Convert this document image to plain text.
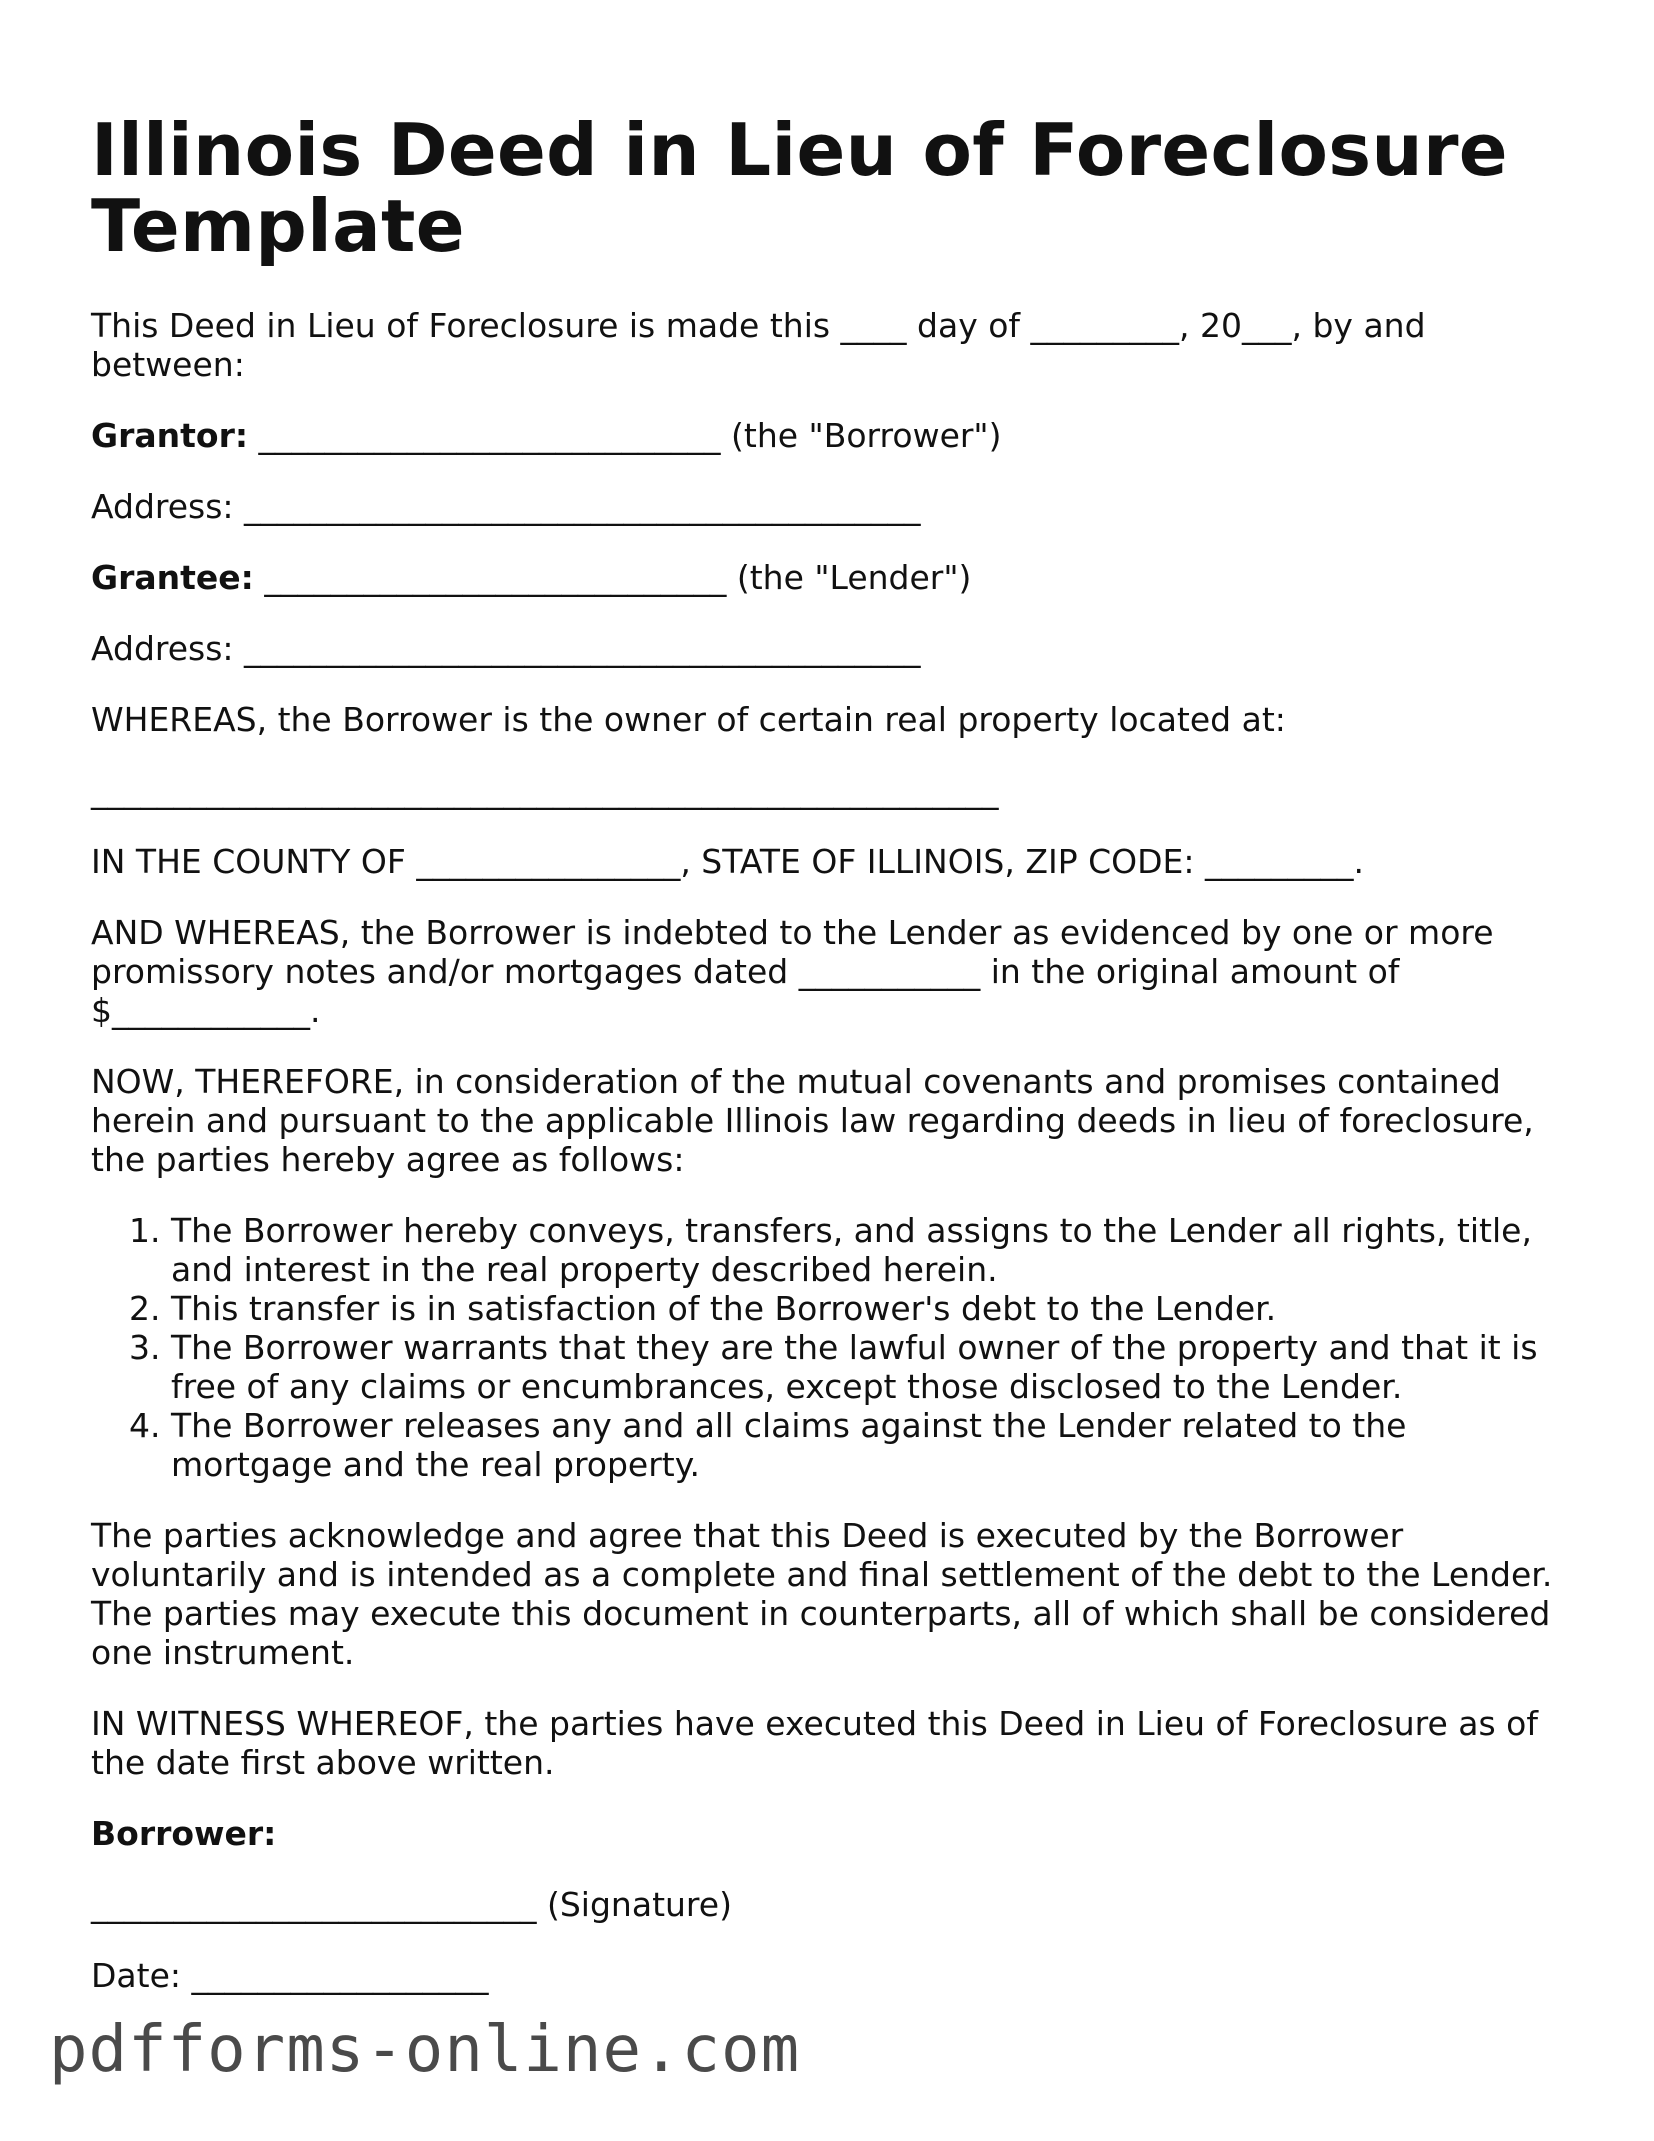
Illinois Deed in Lieu of Foreclosure Template

This Deed in Lieu of Foreclosure is made this ____ day of _________, 20___, by and between:

Grantor: ____________________________ (the "Borrower")

Address: _________________________________________

Grantee: ____________________________ (the "Lender")

Address: _________________________________________

WHEREAS, the Borrower is the owner of certain real property located at:

_______________________________________________________

IN THE COUNTY OF ________________, STATE OF ILLINOIS, ZIP CODE: _________.

AND WHEREAS, the Borrower is indebted to the Lender as evidenced by one or more promissory notes and/or mortgages dated ___________ in the original amount of $____________.

NOW, THEREFORE, in consideration of the mutual covenants and promises contained herein and pursuant to the applicable Illinois law regarding deeds in lieu of foreclosure, the parties hereby agree as follows:

1. The Borrower hereby conveys, transfers, and assigns to the Lender all rights, title, and interest in the real property described herein.
2. This transfer is in satisfaction of the Borrower's debt to the Lender.
3. The Borrower warrants that they are the lawful owner of the property and that it is free of any claims or encumbrances, except those disclosed to the Lender.
4. The Borrower releases any and all claims against the Lender related to the mortgage and the real property.

The parties acknowledge and agree that this Deed is executed by the Borrower voluntarily and is intended as a complete and final settlement of the debt to the Lender. The parties may execute this document in counterparts, all of which shall be considered one instrument.

IN WITNESS WHEREOF, the parties have executed this Deed in Lieu of Foreclosure as of the date first above written.

Borrower:

___________________________ (Signature)

Date: __________________

pdfforms-online.com
